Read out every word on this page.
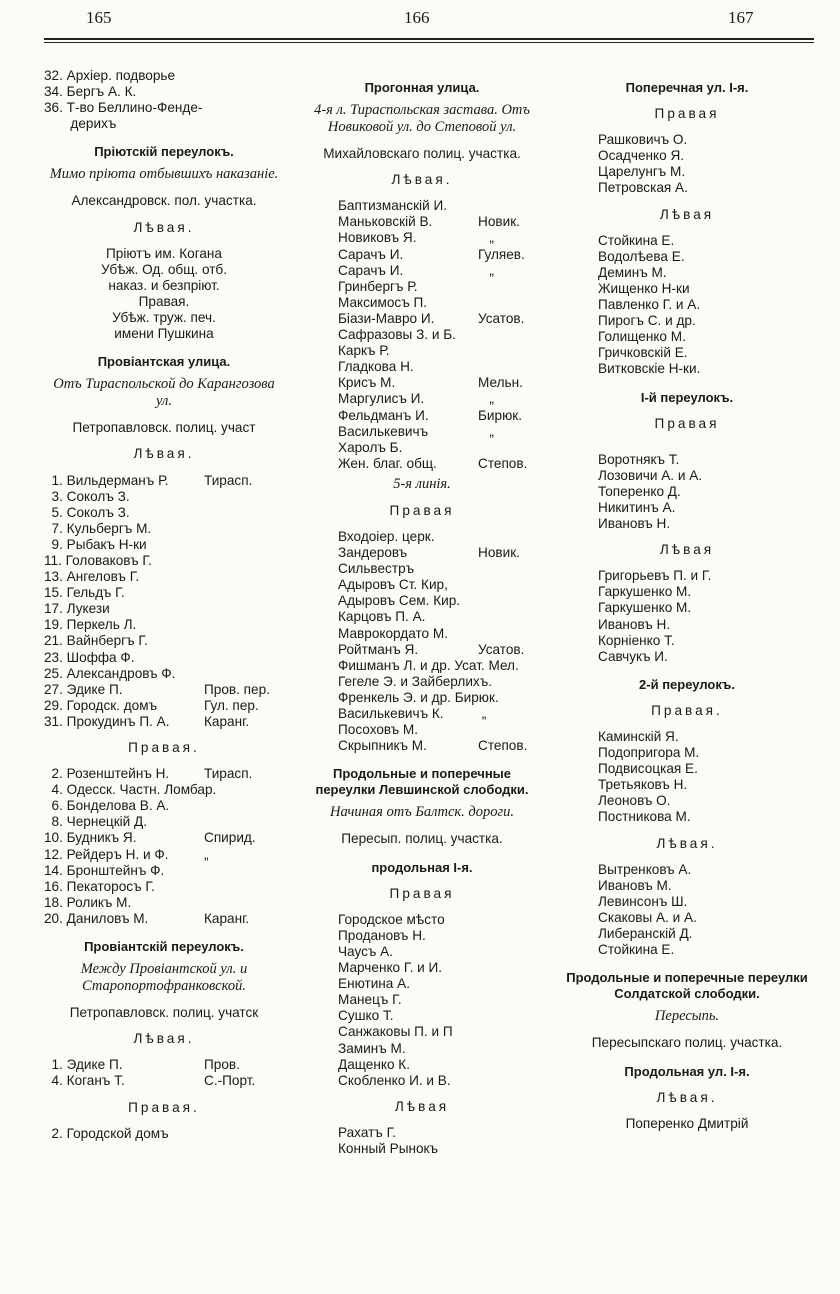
165	166	167
32. Архiер. подворье
34. Бергъ А. К.
36. Т-во Беллино-Фенде-
дерихъ
Прiютскiй переулокъ.
Мимо прiюта отбывшихъ наказанiе.
Александровск. пол. участка.
Лѣвая.
Прiютъ им. Когана
Убѣж. Од. общ. отб.
наказ. и безпрiют.
Правая.
Убѣж. труж. печ.
имени Пушкина
Провiантская улица.
Отъ Тираспольской до Карангозова ул.
Петропавловск. полиц. участ
Лѣвая.
1. Вильдерманъ Р.	Тирасп.
3. Соколъ З.
5. Соколъ З.
7. Кульбергъ М.
9. Рыбакъ Н-ки
11. Головаковъ Г.
13. Ангеловъ Г.
15. Гельдъ Г.
17. Лукези
19. Перкель Л.
21. Вайнбергъ Г.
23. Шоффа Ф.
25. Александровъ Ф.
27. Эдике П.	Пров. пер.
29. Городск. домъ	Гул. пер.
31. Прокудинъ П. А.	Каранг.
Правая.
2. Розенштейнъ Н.	Тирасп.
4. Одесск. Частн. Ломбар.
6. Бонделова В. А.
8. Чернецкiй Д.
10. Будникъ Я.	Спирид.
12. Рейдеръ Н. и Ф.	„
14. Бронштейнъ Ф.
16. Пекаторосъ Г.
18. Роликъ М.
20. Даниловъ М.	Каранг.
Провiантскiй переулокъ.
Между Провiантской ул. и Старопортофранковской.
Петропавловск. полиц. учатск
Лѣвая.
1. Эдике П.	Пров.
4. Коганъ Т.	С.-Порт.
Правая.
2. Городской домъ
Прогонная улица.
4-я л. Тираспольская застава. Отъ Новиковой ул. до Степовой ул.
Михайловскаго полиц. участка.
Лѣвая.
Баптизманскiй И.
Маньковскiй В.	Новик.
Новиковъ Я.	„
Сарачъ И.	Гуляев.
Сарачъ И.	„
Гринбергъ Р.
Максимосъ П.
Бiази-Мавро И.	Усатов.
Сафразовы З. и Б.
Каркъ Р.
Гладкова Н.
Крисъ М.	Мельн.
Маргулисъ И.	„
Фельдманъ И.	Бирюк.
Василькевичъ	„
Харолъ Б.
Жен. благ. общ.	Степов.
5-я линiя.
Правая
Входоiер. церк.
Зандеровъ	Новик.
Сильвестръ
Адыровъ Ст. Кир,
Адыровъ Сем. Кир.
Карцовъ П. А.
Маврокордато М.
Ройтманъ Я.	Усатов.
Фишманъ Л. и др. Усат. Мел.
Гегеле Э. и Зайберлихъ.
Френкель Э. и др. Бирюк.
Василькевичъ К.	„
Посоховъ М.
Скрыпникъ М.	Степов.
Продольные и поперечные переулки Левшинской слободки.
Начиная отъ Балтск. дороги.
Пересып. полиц. участка.
продольная I-я.
Правая
Городское мѣсто
Продановъ Н.
Чаусъ А.
Марченко Г. и И.
Енютина А.
Манецъ Г.
Сушко Т.
Санжаковы П. и П
Заминъ М.
Дащенко К.
Скобленко И. и В.
Лѣвая
Рахатъ Г.
Конный Рынокъ
Поперечная ул. I-я.
Правая
Рашковичъ О.
Осадченко Я.
Царелунгъ М.
Петровская А.
Лѣвая
Стойкина Е.
Водолѣева Е.
Деминъ М.
Жищенко Н-ки
Павленко Г. и А.
Пирогъ С. и др.
Голищенко М.
Гричковскiй Е.
Витковскiе Н-ки.
I-й переулокъ.
Правая
Воротнякъ Т.
Лозовичи А. и А.
Топеренко Д.
Никитинъ А.
Ивановъ Н.
Лѣвая
Григорьевъ П. и Г.
Гаркушенко М.
Гаркушенко М.
Ивановъ Н.
Корнiенко Т.
Савчукъ И.
2-й переулокъ.
Правая.
Каминскiй Я.
Подопригора М.
Подвисоцкая Е.
Третьяковъ Н.
Леоновъ О.
Постникова М.
Лѣвая.
Вытренковъ А.
Ивановъ М.
Левинсонъ Ш.
Скаковы А. и А.
Либеранскiй Д.
Стойкина Е.
Продольные и поперечные переулки Солдатской слободки.
Пересыпь.
Пересыпскаго полиц. участка.
Продольная ул. I-я.
Лѣвая.
Поперенко Дмитрiй
